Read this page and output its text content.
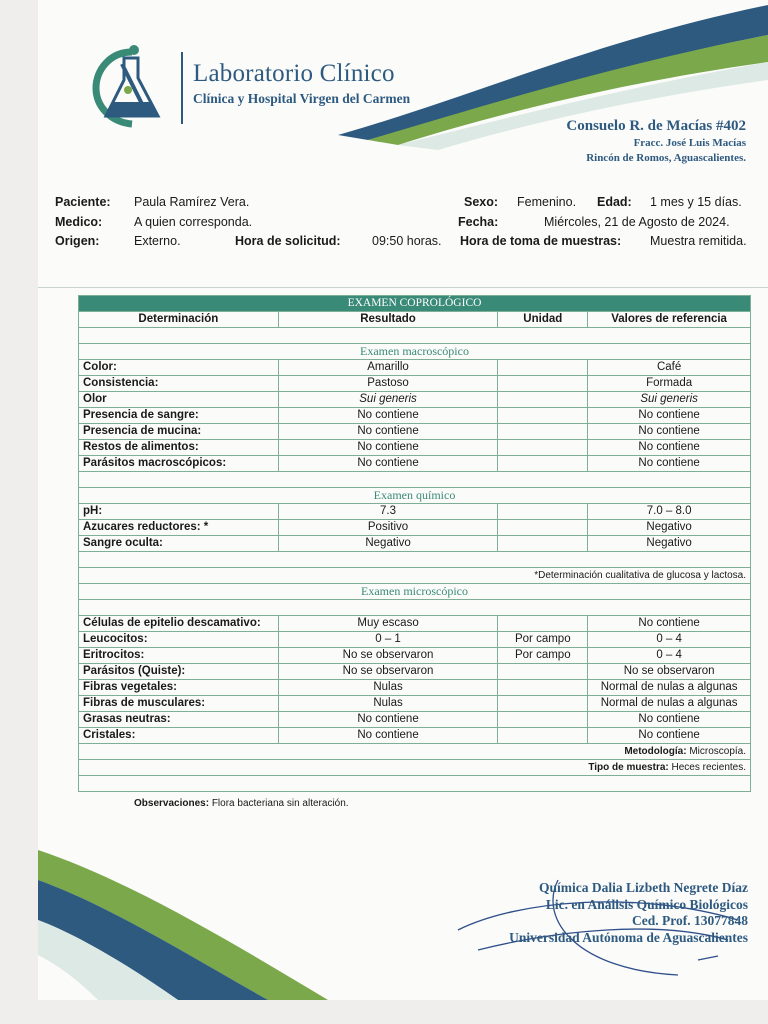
Laboratorio Clínico
Clínica y Hospital Virgen del Carmen
Consuelo R. de Macías #402
Fracc. José Luis Macías
Rincón de Romos, Aguascalientes.
Paciente: Paula Ramírez Vera.	Sexo: Femenino. Edad: 1 mes y 15 días.
Medico:	A quien corresponda.	Fecha:	Miércoles, 21 de Agosto de 2024.
Origen:	Externo.	Hora de solicitud:	09:50 horas. Hora de toma de muestras: Muestra remitida.
EXAMEN COPROLÓGICO			
Determinación	Resultado	Unidad	Valores de referencia

Examen macroscópico			
Color:	Amarillo		Café
Consistencia:	Pastoso		Formada
Olor	Sui generis		Sui generis
Presencia de sangre:	No contiene		No contiene
Presencia de mucina:	No contiene		No contiene
Restos de alimentos:	No contiene		No contiene
Parásitos macroscópicos:	No contiene		No contiene

Examen químico			
pH:	7.3		7.0 – 8.0
Azucares reductores: *	Positivo		Negativo
Sangre oculta:	Negativo		Negativo

*Determinación cualitativa de glucosa y lactosa.			
Examen microscópico			

Células de epitelio descamativo:	Muy escaso		No contiene
Leucocitos:	0 – 1	Por campo	0 – 4
Eritrocitos:	No se observaron	Por campo	0 – 4
Parásitos (Quiste):	No se observaron		No se observaron
Fibras vegetales:	Nulas		Normal de nulas a algunas
Fibras de musculares:	Nulas		Normal de nulas a algunas
Grasas neutras:	No contiene		No contiene
Cristales:	No contiene		No contiene
Metodología: Microscopía.			
Tipo de muestra: Heces recientes.			

Observaciones: Flora bacteriana sin alteración.
Química Dalia Lizbeth Negrete Díaz
Lic. en Análisis Químico Biológicos
Ced. Prof. 13077848
Universidad Autónoma de Aguascalientes
